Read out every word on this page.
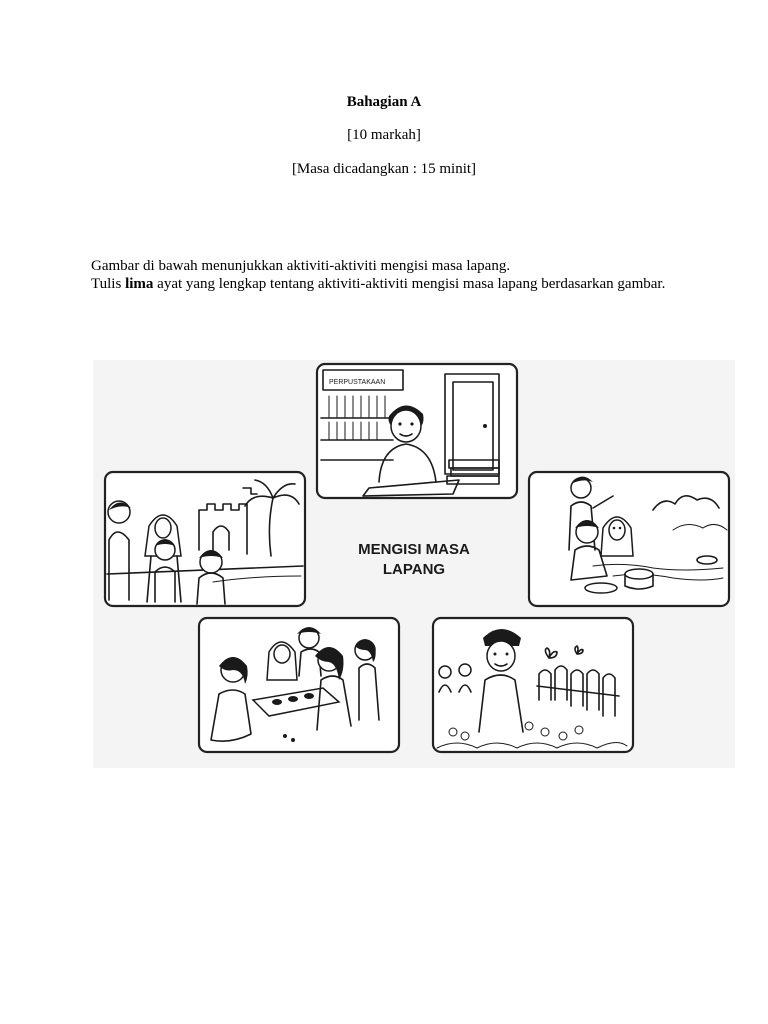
Bahagian A
[10 markah]
[Masa dicadangkan : 15 minit]
Gambar di bawah menunjukkan aktiviti-aktiviti mengisi masa lapang.
Tulis lima ayat yang lengkap tentang aktiviti-aktiviti mengisi masa lapang berdasarkan gambar.
PERPUSTAKAAN
MENGISI MASA
LAPANG
